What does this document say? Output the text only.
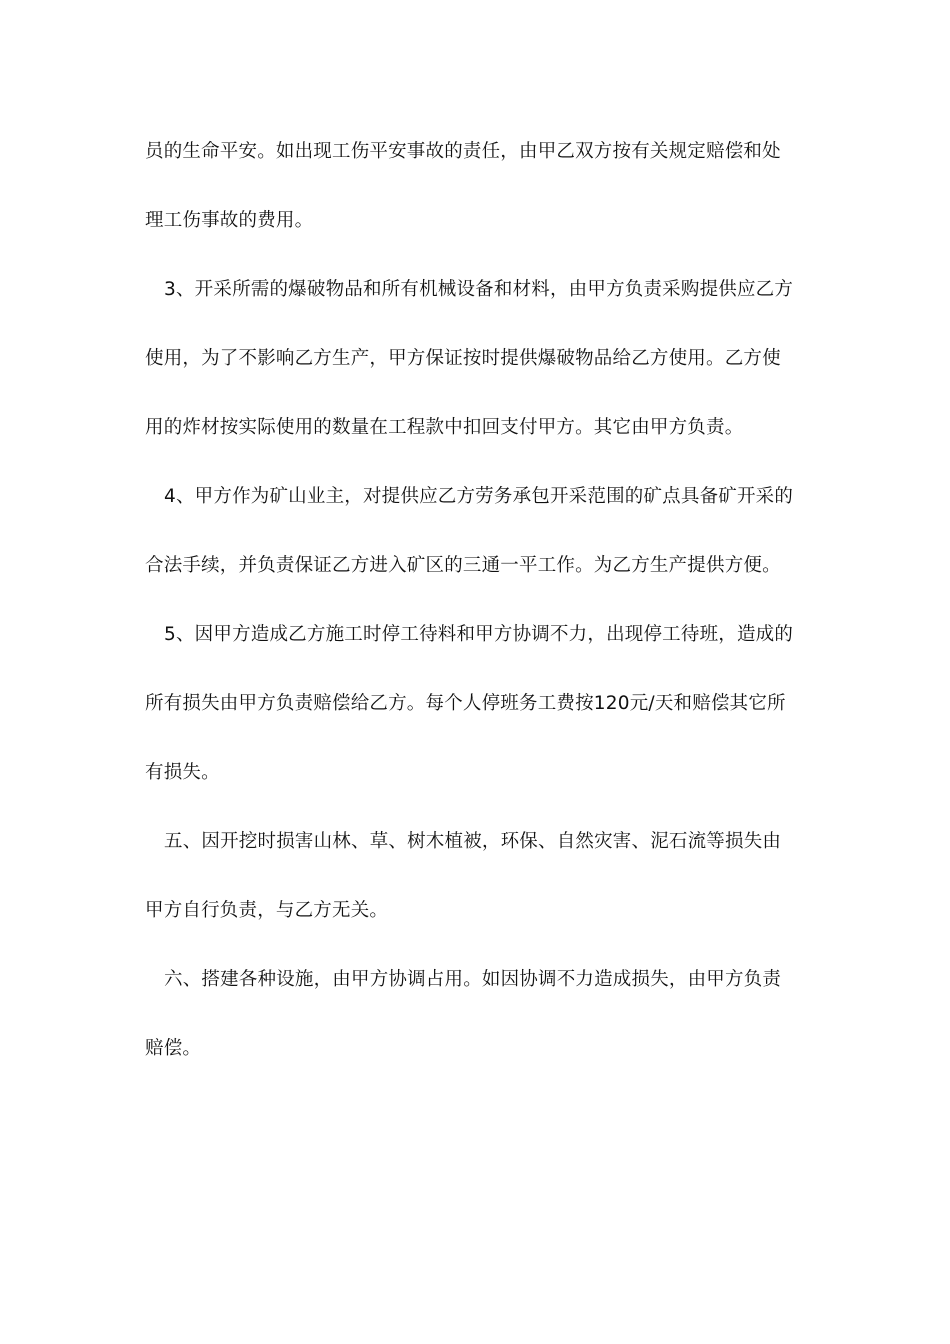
员的生命平安。如出现工伤平安事故的责任，由甲乙双方按有关规定赔偿和处
理工伤事故的费用。
3、开采所需的爆破物品和所有机械设备和材料，由甲方负责采购提供应乙方
使用，为了不影响乙方生产，甲方保证按时提供爆破物品给乙方使用。乙方使
用的炸材按实际使用的数量在工程款中扣回支付甲方。其它由甲方负责。
4、甲方作为矿山业主，对提供应乙方劳务承包开采范围的矿点具备矿开采的
合法手续，并负责保证乙方进入矿区的三通一平工作。为乙方生产提供方便。
5、因甲方造成乙方施工时停工待料和甲方协调不力，出现停工待班，造成的
所有损失由甲方负责赔偿给乙方。每个人停班务工费按120元/天和赔偿其它所
有损失。
五、因开挖时损害山林、草、树木植被，环保、自然灾害、泥石流等损失由
甲方自行负责，与乙方无关。
六、搭建各种设施，由甲方协调占用。如因协调不力造成损失，由甲方负责
赔偿。
